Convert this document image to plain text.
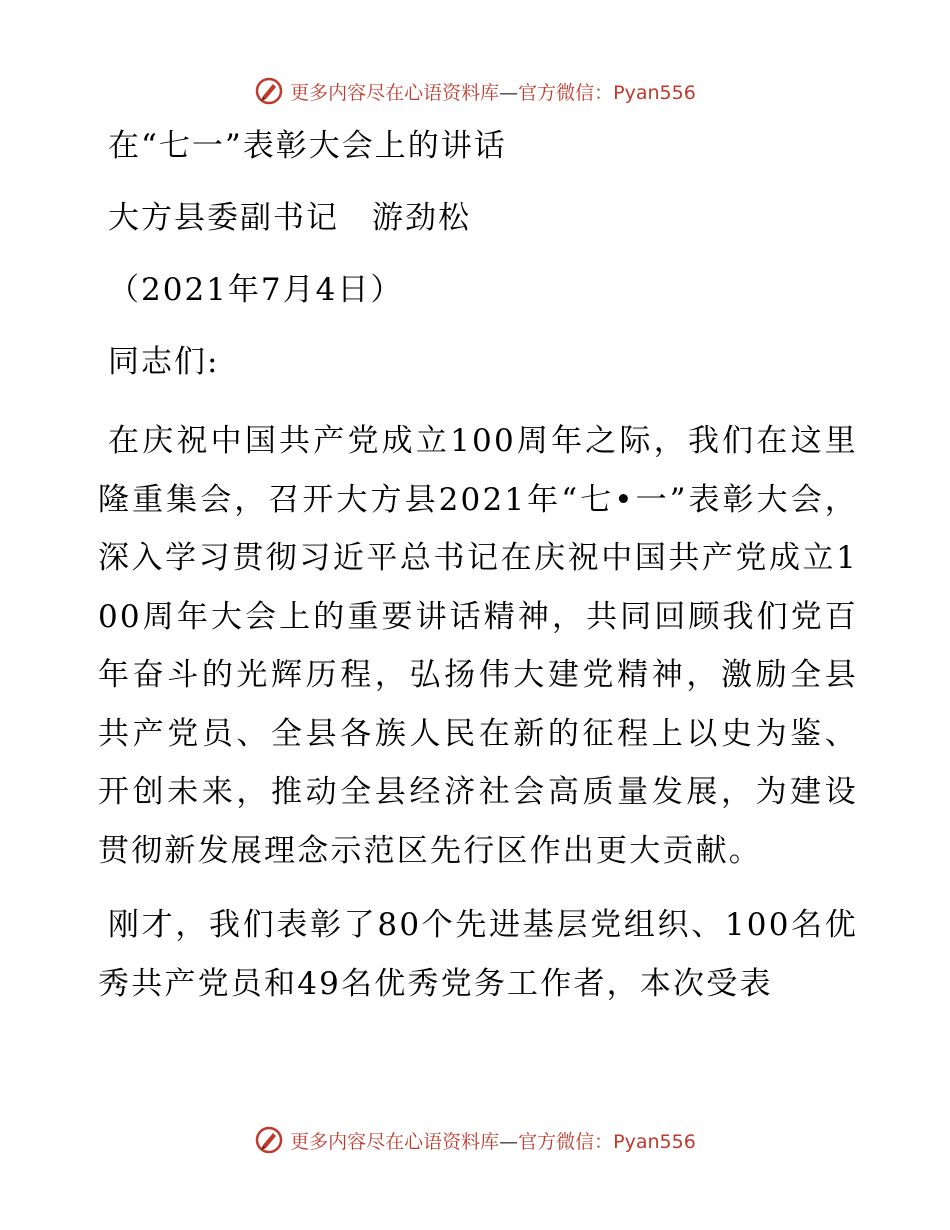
更多内容尽在心语资料库—官方微信：Pyan556
在“七一”表彰大会上的讲话
大方县委副书记　游劲松
（2021年7月4日）
同志们:
在庆祝中国共产党成立100周年之际，我们在这里隆重集会，召开大方县2021年“七•一”表彰大会，深入学习贯彻习近平总书记在庆祝中国共产党成立100周年大会上的重要讲话精神，共同回顾我们党百年奋斗的光辉历程，弘扬伟大建党精神，激励全县共产党员、全县各族人民在新的征程上以史为鉴、开创未来，推动全县经济社会高质量发展，为建设贯彻新发展理念示范区先行区作出更大贡献。
刚才，我们表彰了80个先进基层党组织、100名优秀共产党员和49名优秀党务工作者，本次受表
更多内容尽在心语资料库—官方微信：Pyan556
